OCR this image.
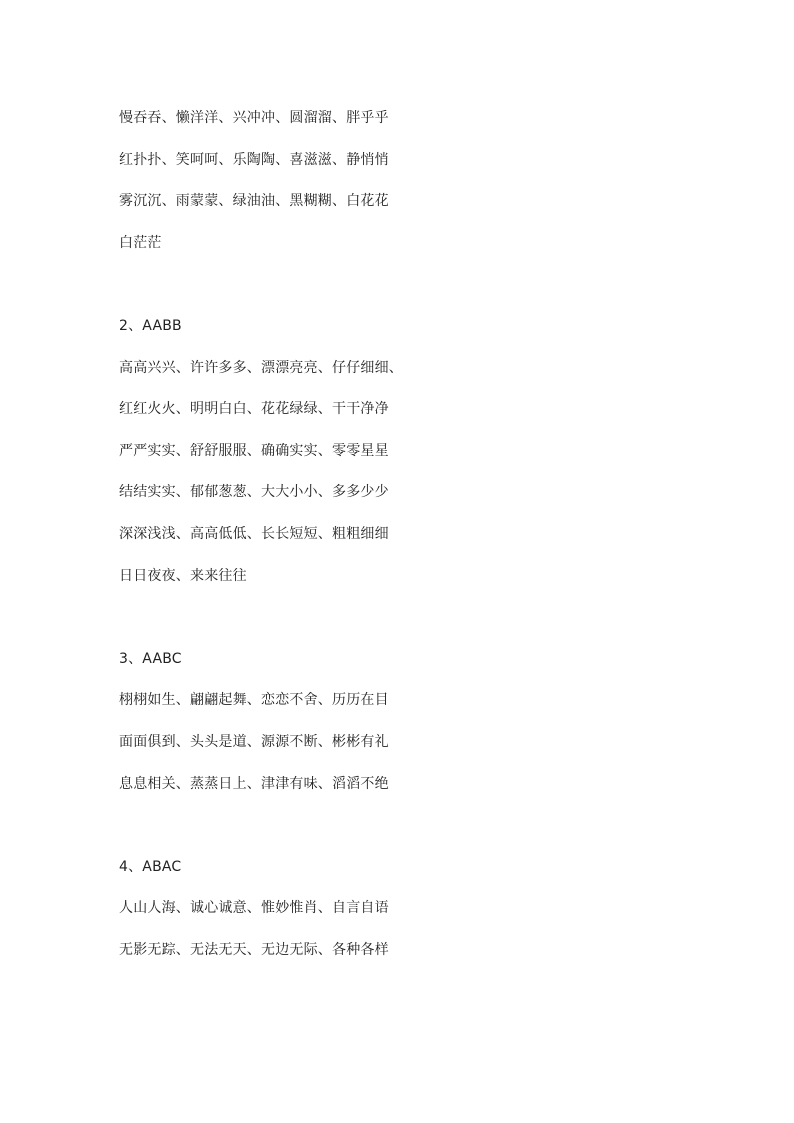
慢吞吞、懒洋洋、兴冲冲、圆溜溜、胖乎乎
红扑扑、笑呵呵、乐陶陶、喜滋滋、静悄悄
雾沉沉、雨蒙蒙、绿油油、黑糊糊、白花花
白茫茫
2、AABB
高高兴兴、许许多多、漂漂亮亮、仔仔细细、
红红火火、明明白白、花花绿绿、干干净净
严严实实、舒舒服服、确确实实、零零星星
结结实实、郁郁葱葱、大大小小、多多少少
深深浅浅、高高低低、长长短短、粗粗细细
日日夜夜、来来往往
3、AABC
栩栩如生、翩翩起舞、恋恋不舍、历历在目
面面俱到、头头是道、源源不断、彬彬有礼
息息相关、蒸蒸日上、津津有味、滔滔不绝
4、ABAC
人山人海、诚心诚意、惟妙惟肖、自言自语
无影无踪、无法无天、无边无际、各种各样
